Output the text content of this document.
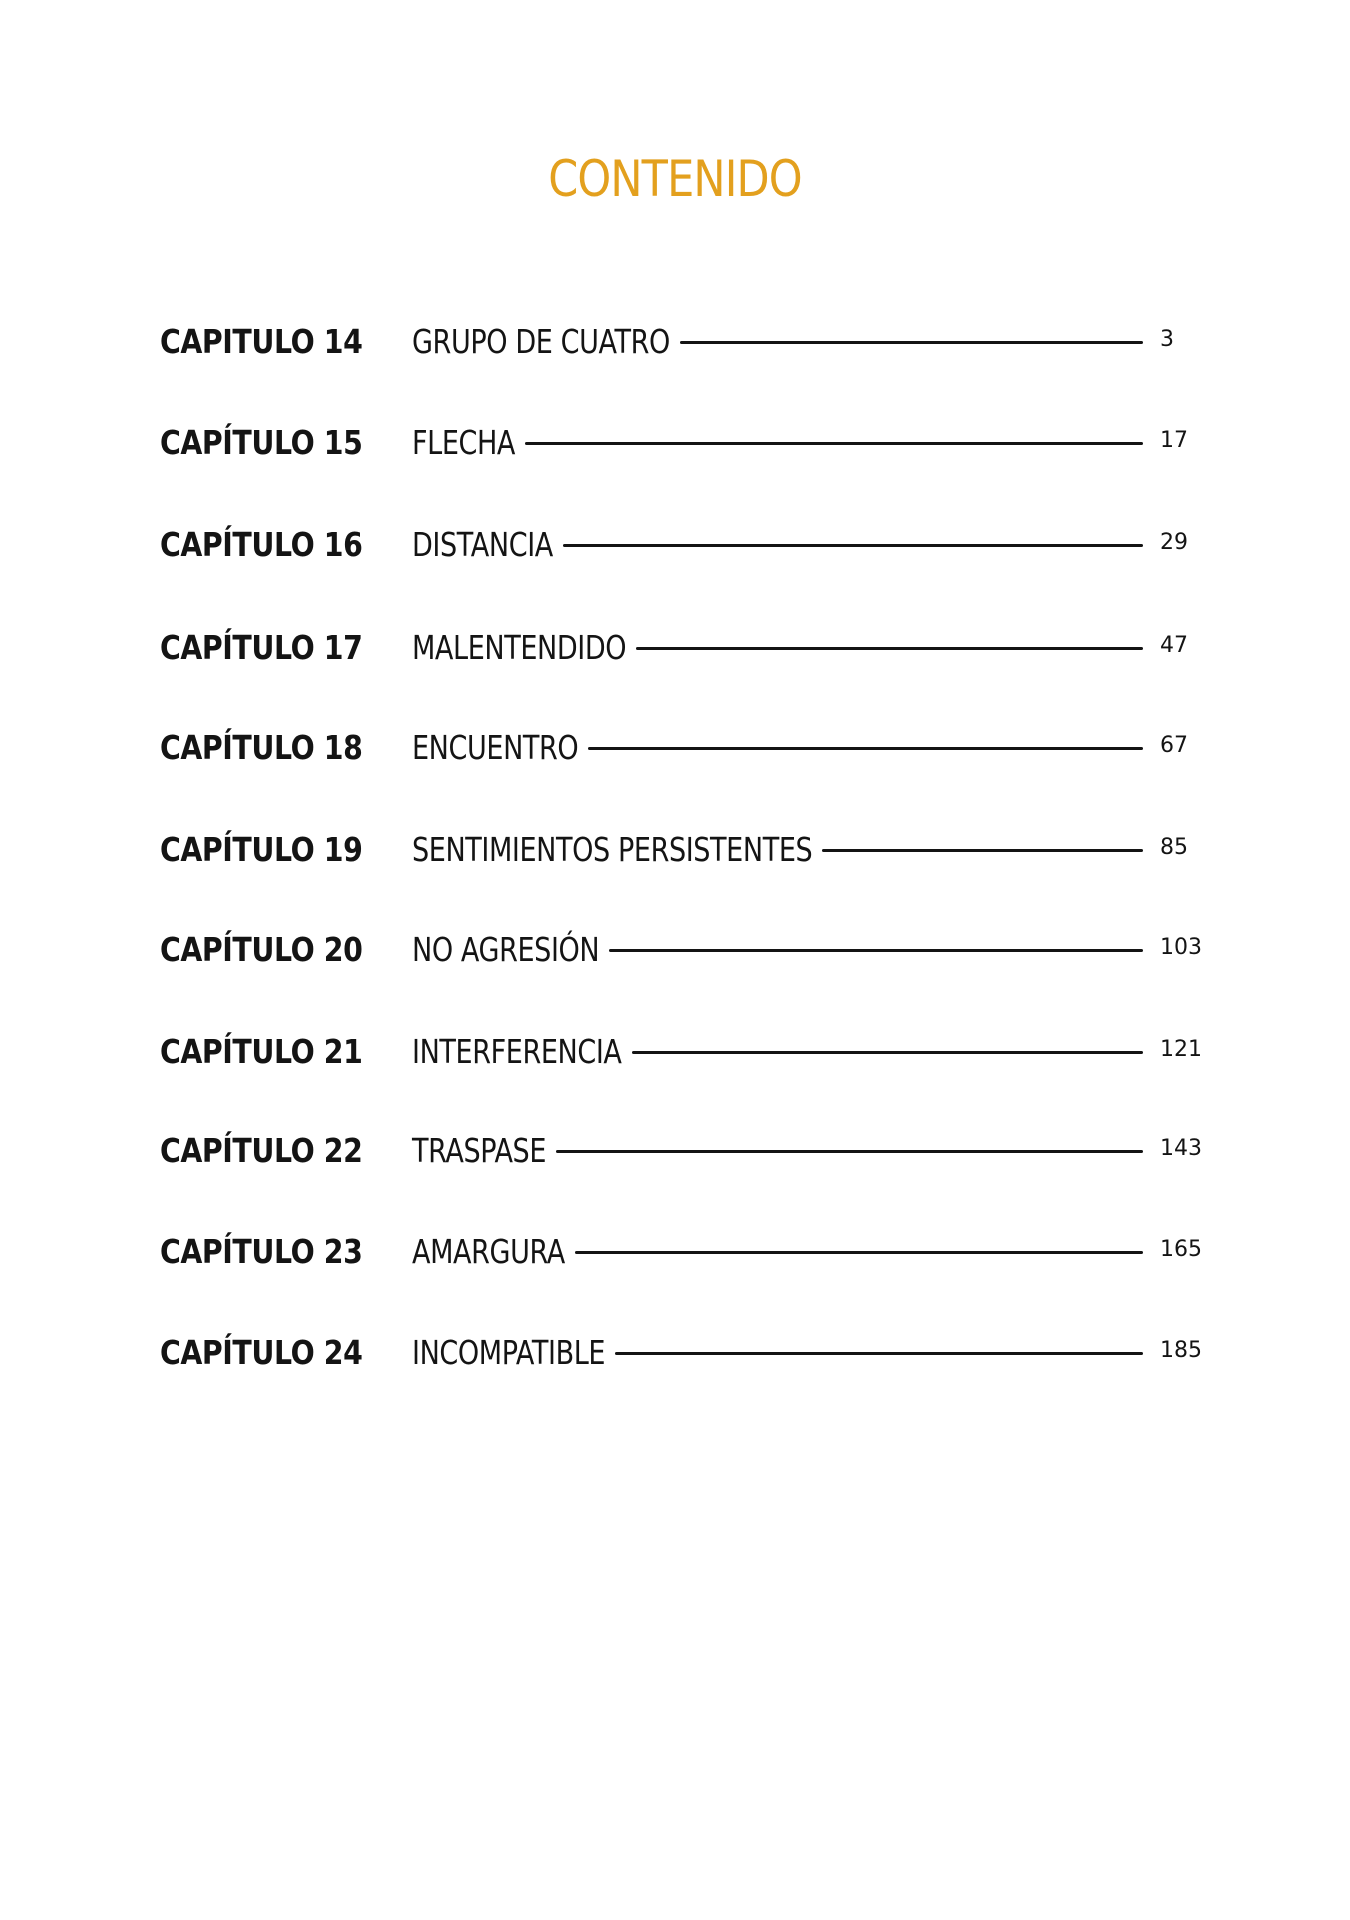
CONTENIDO
CAPITULO 14 GRUPO DE CUATRO	3
CAPÍTULO 15 FLECHA	17
CAPÍTULO 16 DISTANCIA	29
CAPÍTULO 17 MALENTENDIDO	47
CAPÍTULO 18 ENCUENTRO	67
CAPÍTULO 19 SENTIMIENTOS PERSISTENTES	85
CAPÍTULO 20 NO AGRESIÓN	103
CAPÍTULO 21 INTERFERENCIA	121
CAPÍTULO 22 TRASPASE	143
CAPÍTULO 23 AMARGURA	165
CAPÍTULO 24 INCOMPATIBLE	185
